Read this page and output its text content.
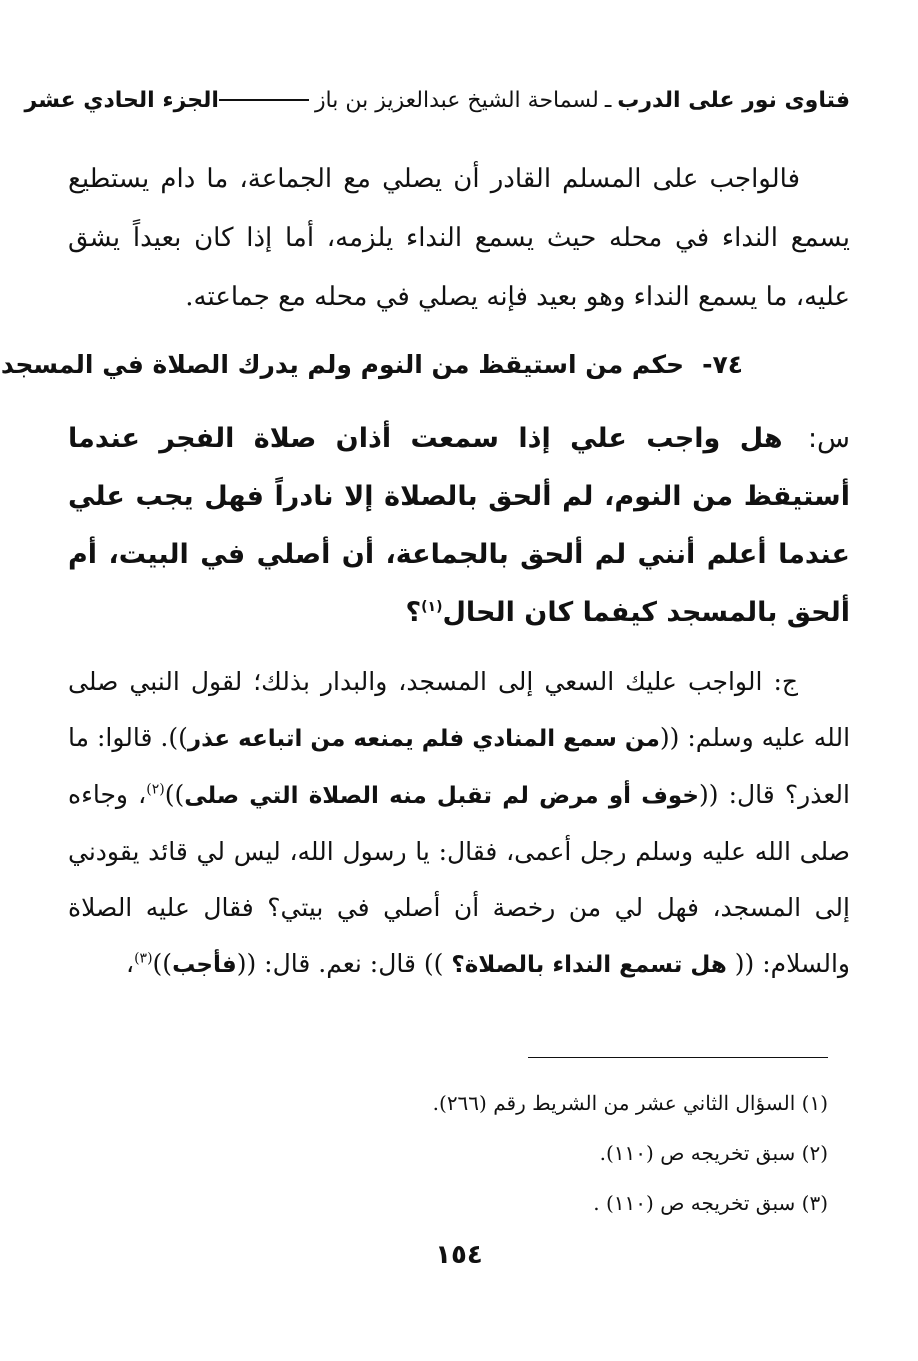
فتاوى نور على الدرب
ـ
لسماحة الشيخ عبدالعزيز بن باز
الجزء الحادي عشر

فالواجب على المسلم القادر أن يصلي مع الجماعة، ما دام يستطيع يسمع النداء في محله حيث يسمع النداء يلزمه، أما إذا كان بعيداً يشق عليه، ما يسمع النداء وهو بعيد فإنه يصلي في محله مع جماعته.

٧٤-
حكم من استيقظ من النوم ولم يدرك الصلاة في المسجد
س: هل واجب علي إذا سمعت أذان صلاة الفجر عندما أستيقظ من النوم، لم ألحق بالصلاة إلا نادراً فهل يجب علي عندما أعلم أنني لم ألحق بالجماعة، أن أصلي في البيت، أم ألحق بالمسجد كيفما كان الحال$^{(١)}$؟
ج: الواجب عليك السعي إلى المسجد، والبدار بذلك؛ لقول النبي صلى الله عليه وسلم: ((من سمع المنادي فلم يمنعه من اتباعه عذر)). قالوا: ما العذر؟ قال: ((خوف أو مرض لم تقبل منه الصلاة التي صلى))$^{(٢)}$، وجاءه صلى الله عليه وسلم رجل أعمى، فقال: يا رسول الله، ليس لي قائد يقودني إلى المسجد، فهل لي من رخصة أن أصلي في بيتي؟ فقال عليه الصلاة والسلام: (( هل تسمع النداء بالصلاة؟ )) قال: نعم. قال: ((فأجب))$^{(٣)}$،
(١) السؤال الثاني عشر من الشريط رقم (٢٦٦).
(٢) سبق تخريجه ص (١١٠).
(٣) سبق تخريجه ص (١١٠) .
١٥٤
